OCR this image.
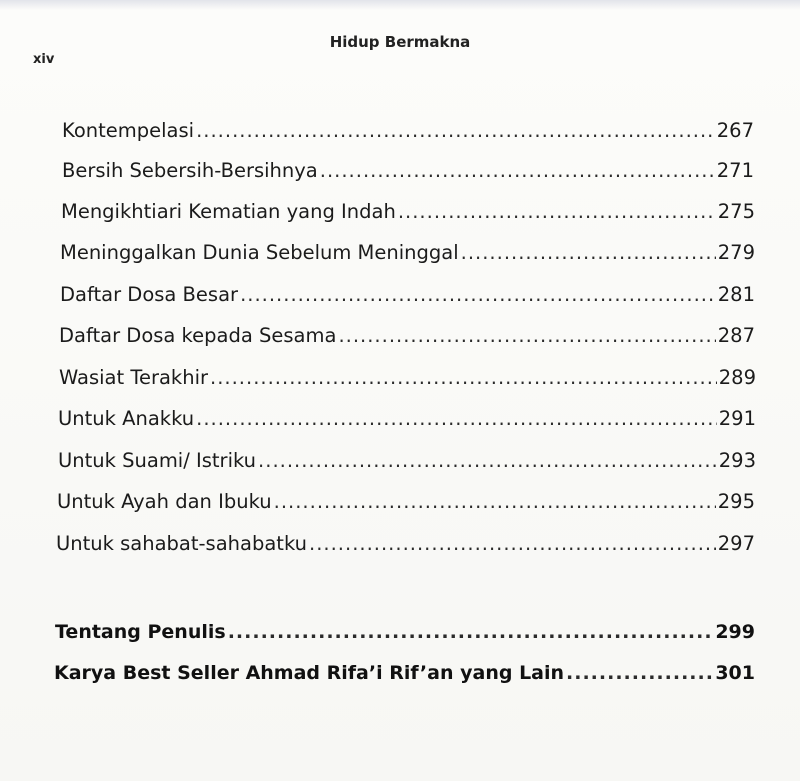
Hidup Bermakna
xiv
Kontempelasi .....	267
Bersih Sebersih-Bersihnya .....	271
Mengikhtiari Kematian yang Indah .....	275
Meninggalkan Dunia Sebelum Meninggal .....	279
Daftar Dosa Besar .....	281
Daftar Dosa kepada Sesama .....	287
Wasiat Terakhir .....	289
Untuk Anakku .....	291
Untuk Suami/ Istriku .....	293
Untuk Ayah dan Ibuku .....	295
Untuk sahabat-sahabatku .....	297
Tentang Penulis .....	299
Karya Best Seller Ahmad Rifa’i Rif’an yang Lain .....	301
